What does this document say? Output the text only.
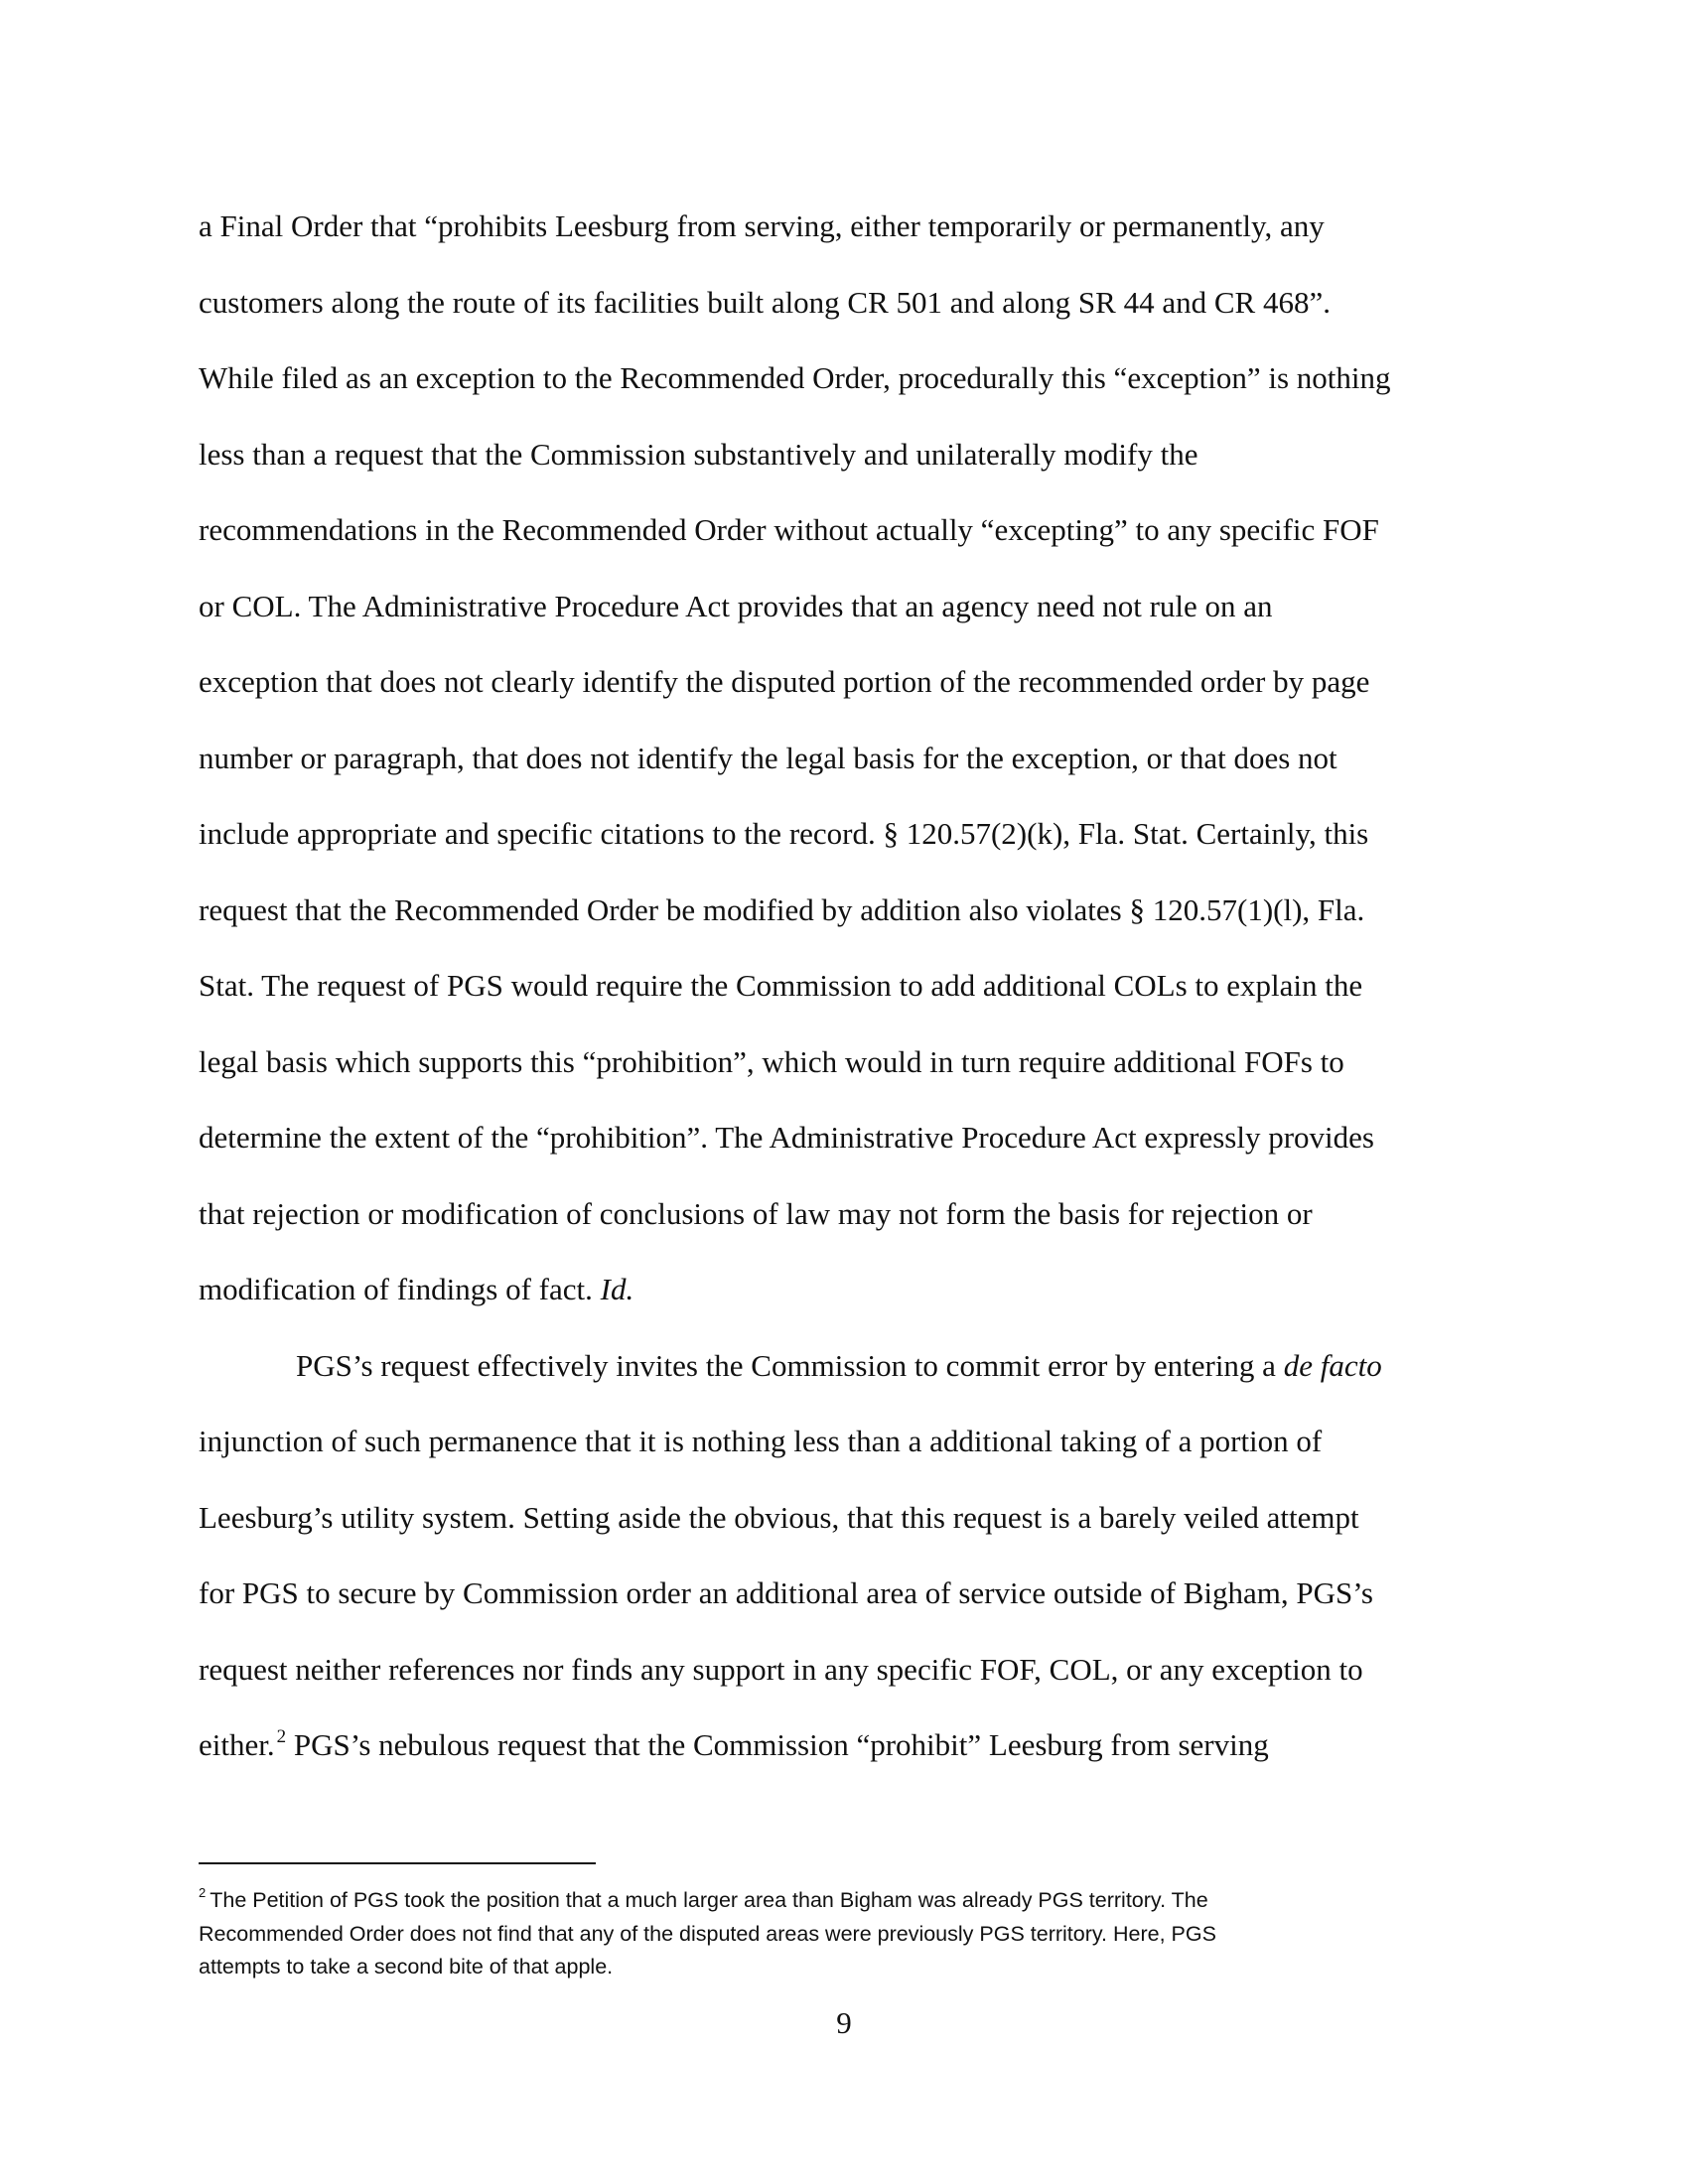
a Final Order that “prohibits Leesburg from serving, either temporarily or permanently, any
customers along the route of its facilities built along CR 501 and along SR 44 and CR 468”.
While filed as an exception to the Recommended Order, procedurally this “exception” is nothing
less than a request that the Commission substantively and unilaterally modify the
recommendations in the Recommended Order without actually “excepting” to any specific FOF
or COL. The Administrative Procedure Act provides that an agency need not rule on an
exception that does not clearly identify the disputed portion of the recommended order by page
number or paragraph, that does not identify the legal basis for the exception, or that does not
include appropriate and specific citations to the record. § 120.57(2)(k), Fla. Stat. Certainly, this
request that the Recommended Order be modified by addition also violates § 120.57(1)(l), Fla.
Stat. The request of PGS would require the Commission to add additional COLs to explain the
legal basis which supports this “prohibition”, which would in turn require additional FOFs to
determine the extent of the “prohibition”. The Administrative Procedure Act expressly provides
that rejection or modification of conclusions of law may not form the basis for rejection or
modification of findings of fact. Id.
PGS’s request effectively invites the Commission to commit error by entering a de facto
injunction of such permanence that it is nothing less than a additional taking of a portion of
Leesburg’s utility system. Setting aside the obvious, that this request is a barely veiled attempt
for PGS to secure by Commission order an additional area of service outside of Bigham, PGS’s
request neither references nor finds any support in any specific FOF, COL, or any exception to
either. $^2$ PGS’s nebulous request that the Commission “prohibit” Leesburg from serving
$^2$ The Petition of PGS took the position that a much larger area than Bigham was already PGS territory. The
Recommended Order does not find that any of the disputed areas were previously PGS territory. Here, PGS
attempts to take a second bite of that apple.
9
